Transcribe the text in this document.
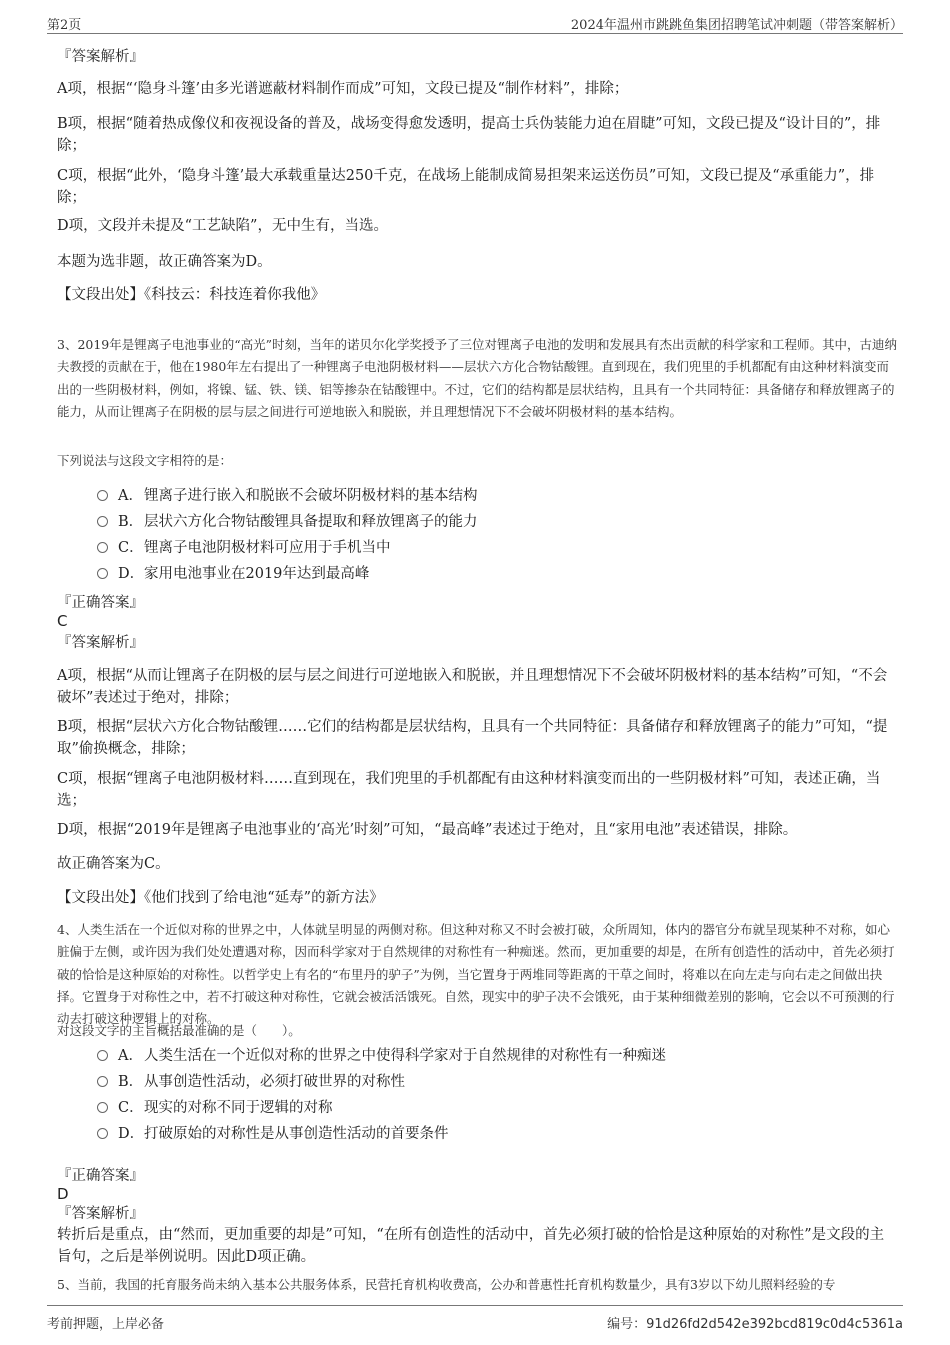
第2页	2024年温州市跳跳鱼集团招聘笔试冲刺题（带答案解析）
『答案解析』
A项，根据“‘隐身斗篷’由多光谱遮蔽材料制作而成”可知，文段已提及“制作材料”，排除；
B项，根据“随着热成像仪和夜视设备的普及，战场变得愈发透明，提高士兵伪装能力迫在眉睫”可知，文段已提及“设计目的”，排除；
C项，根据“此外，‘隐身斗篷’最大承载重量达250千克，在战场上能制成简易担架来运送伤员”可知，文段已提及“承重能力”，排除；
D项，文段并未提及“工艺缺陷”，无中生有，当选。
本题为选非题，故正确答案为D。
【文段出处】《科技云：科技连着你我他》
3、2019年是锂离子电池事业的“高光”时刻，当年的诺贝尔化学奖授予了三位对锂离子电池的发明和发展具有杰出贡献的科学家和工程师。其中，古迪纳夫教授的贡献在于，他在1980年左右提出了一种锂离子电池阴极材料——层状六方化合物钴酸锂。直到现在，我们兜里的手机都配有由这种材料演变而出的一些阴极材料，例如，将镍、锰、铁、镁、铝等掺杂在钴酸锂中。不过，它们的结构都是层状结构，且具有一个共同特征：具备储存和释放锂离子的能力，从而让锂离子在阴极的层与层之间进行可逆地嵌入和脱嵌，并且理想情况下不会破坏阴极材料的基本结构。
下列说法与这段文字相符的是：
A．锂离子进行嵌入和脱嵌不会破坏阴极材料的基本结构
B．层状六方化合物钴酸锂具备提取和释放锂离子的能力
C．锂离子电池阴极材料可应用于手机当中
D．家用电池事业在2019年达到最高峰
『正确答案』
C
『答案解析』
A项，根据“从而让锂离子在阴极的层与层之间进行可逆地嵌入和脱嵌，并且理想情况下不会破坏阴极材料的基本结构”可知，“不会破坏”表述过于绝对，排除；
B项，根据“层状六方化合物钴酸锂……它们的结构都是层状结构，且具有一个共同特征：具备储存和释放锂离子的能力”可知，“提取”偷换概念，排除；
C项，根据“锂离子电池阴极材料……直到现在，我们兜里的手机都配有由这种材料演变而出的一些阴极材料”可知，表述正确，当选；
D项，根据“2019年是锂离子电池事业的‘高光’时刻”可知，“最高峰”表述过于绝对，且“家用电池”表述错误，排除。
故正确答案为C。
【文段出处】《他们找到了给电池“延寿”的新方法》
4、人类生活在一个近似对称的世界之中，人体就呈明显的两侧对称。但这种对称又不时会被打破，众所周知，体内的器官分布就呈现某种不对称，如心脏偏于左侧，或许因为我们处处遭遇对称，因而科学家对于自然规律的对称性有一种痴迷。然而，更加重要的却是，在所有创造性的活动中，首先必须打破的恰恰是这种原始的对称性。以哲学史上有名的“布里丹的驴子”为例，当它置身于两堆同等距离的干草之间时，将难以在向左走与向右走之间做出抉择。它置身于对称性之中，若不打破这种对称性，它就会被活活饿死。自然，现实中的驴子决不会饿死，由于某种细微差别的影响，它会以不可预测的行动去打破这种逻辑上的对称。
对这段文字的主旨概括最准确的是（　　）。
A．人类生活在一个近似对称的世界之中使得科学家对于自然规律的对称性有一种痴迷
B．从事创造性活动，必须打破世界的对称性
C．现实的对称不同于逻辑的对称
D．打破原始的对称性是从事创造性活动的首要条件
『正确答案』
D
『答案解析』
转折后是重点，由“然而，更加重要的却是”可知，“在所有创造性的活动中，首先必须打破的恰恰是这种原始的对称性”是文段的主旨句，之后是举例说明。因此D项正确。
5、当前，我国的托育服务尚未纳入基本公共服务体系，民营托育机构收费高，公办和普惠性托育机构数量少，具有3岁以下幼儿照料经验的专
考前押题，上岸必备	编号：91d26fd2d542e392bcd819c0d4c5361a
